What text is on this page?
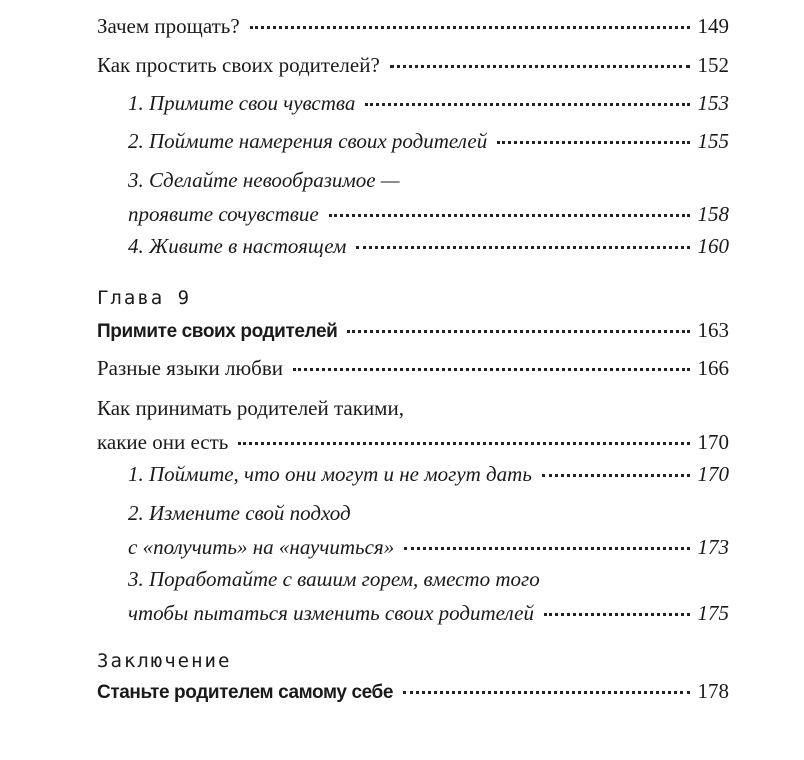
Зачем прощать?	149
Как простить своих родителей?	152
1. Примите свои чувства	153
2. Поймите намерения своих родителей	155
3. Сделайте невообразимое —
проявите сочувствие	158
4. Живите в настоящем	160
Глава 9
Примите своих родителей	163
Разные языки любви	166
Как принимать родителей такими,
какие они есть	170
1. Поймите, что они могут и не могут дать	170
2. Измените свой подход
с «получить» на «научиться»	173
3. Поработайте с вашим горем, вместо того
чтобы пытаться изменить своих родителей	175
Заключение
Станьте родителем самому себе	178
